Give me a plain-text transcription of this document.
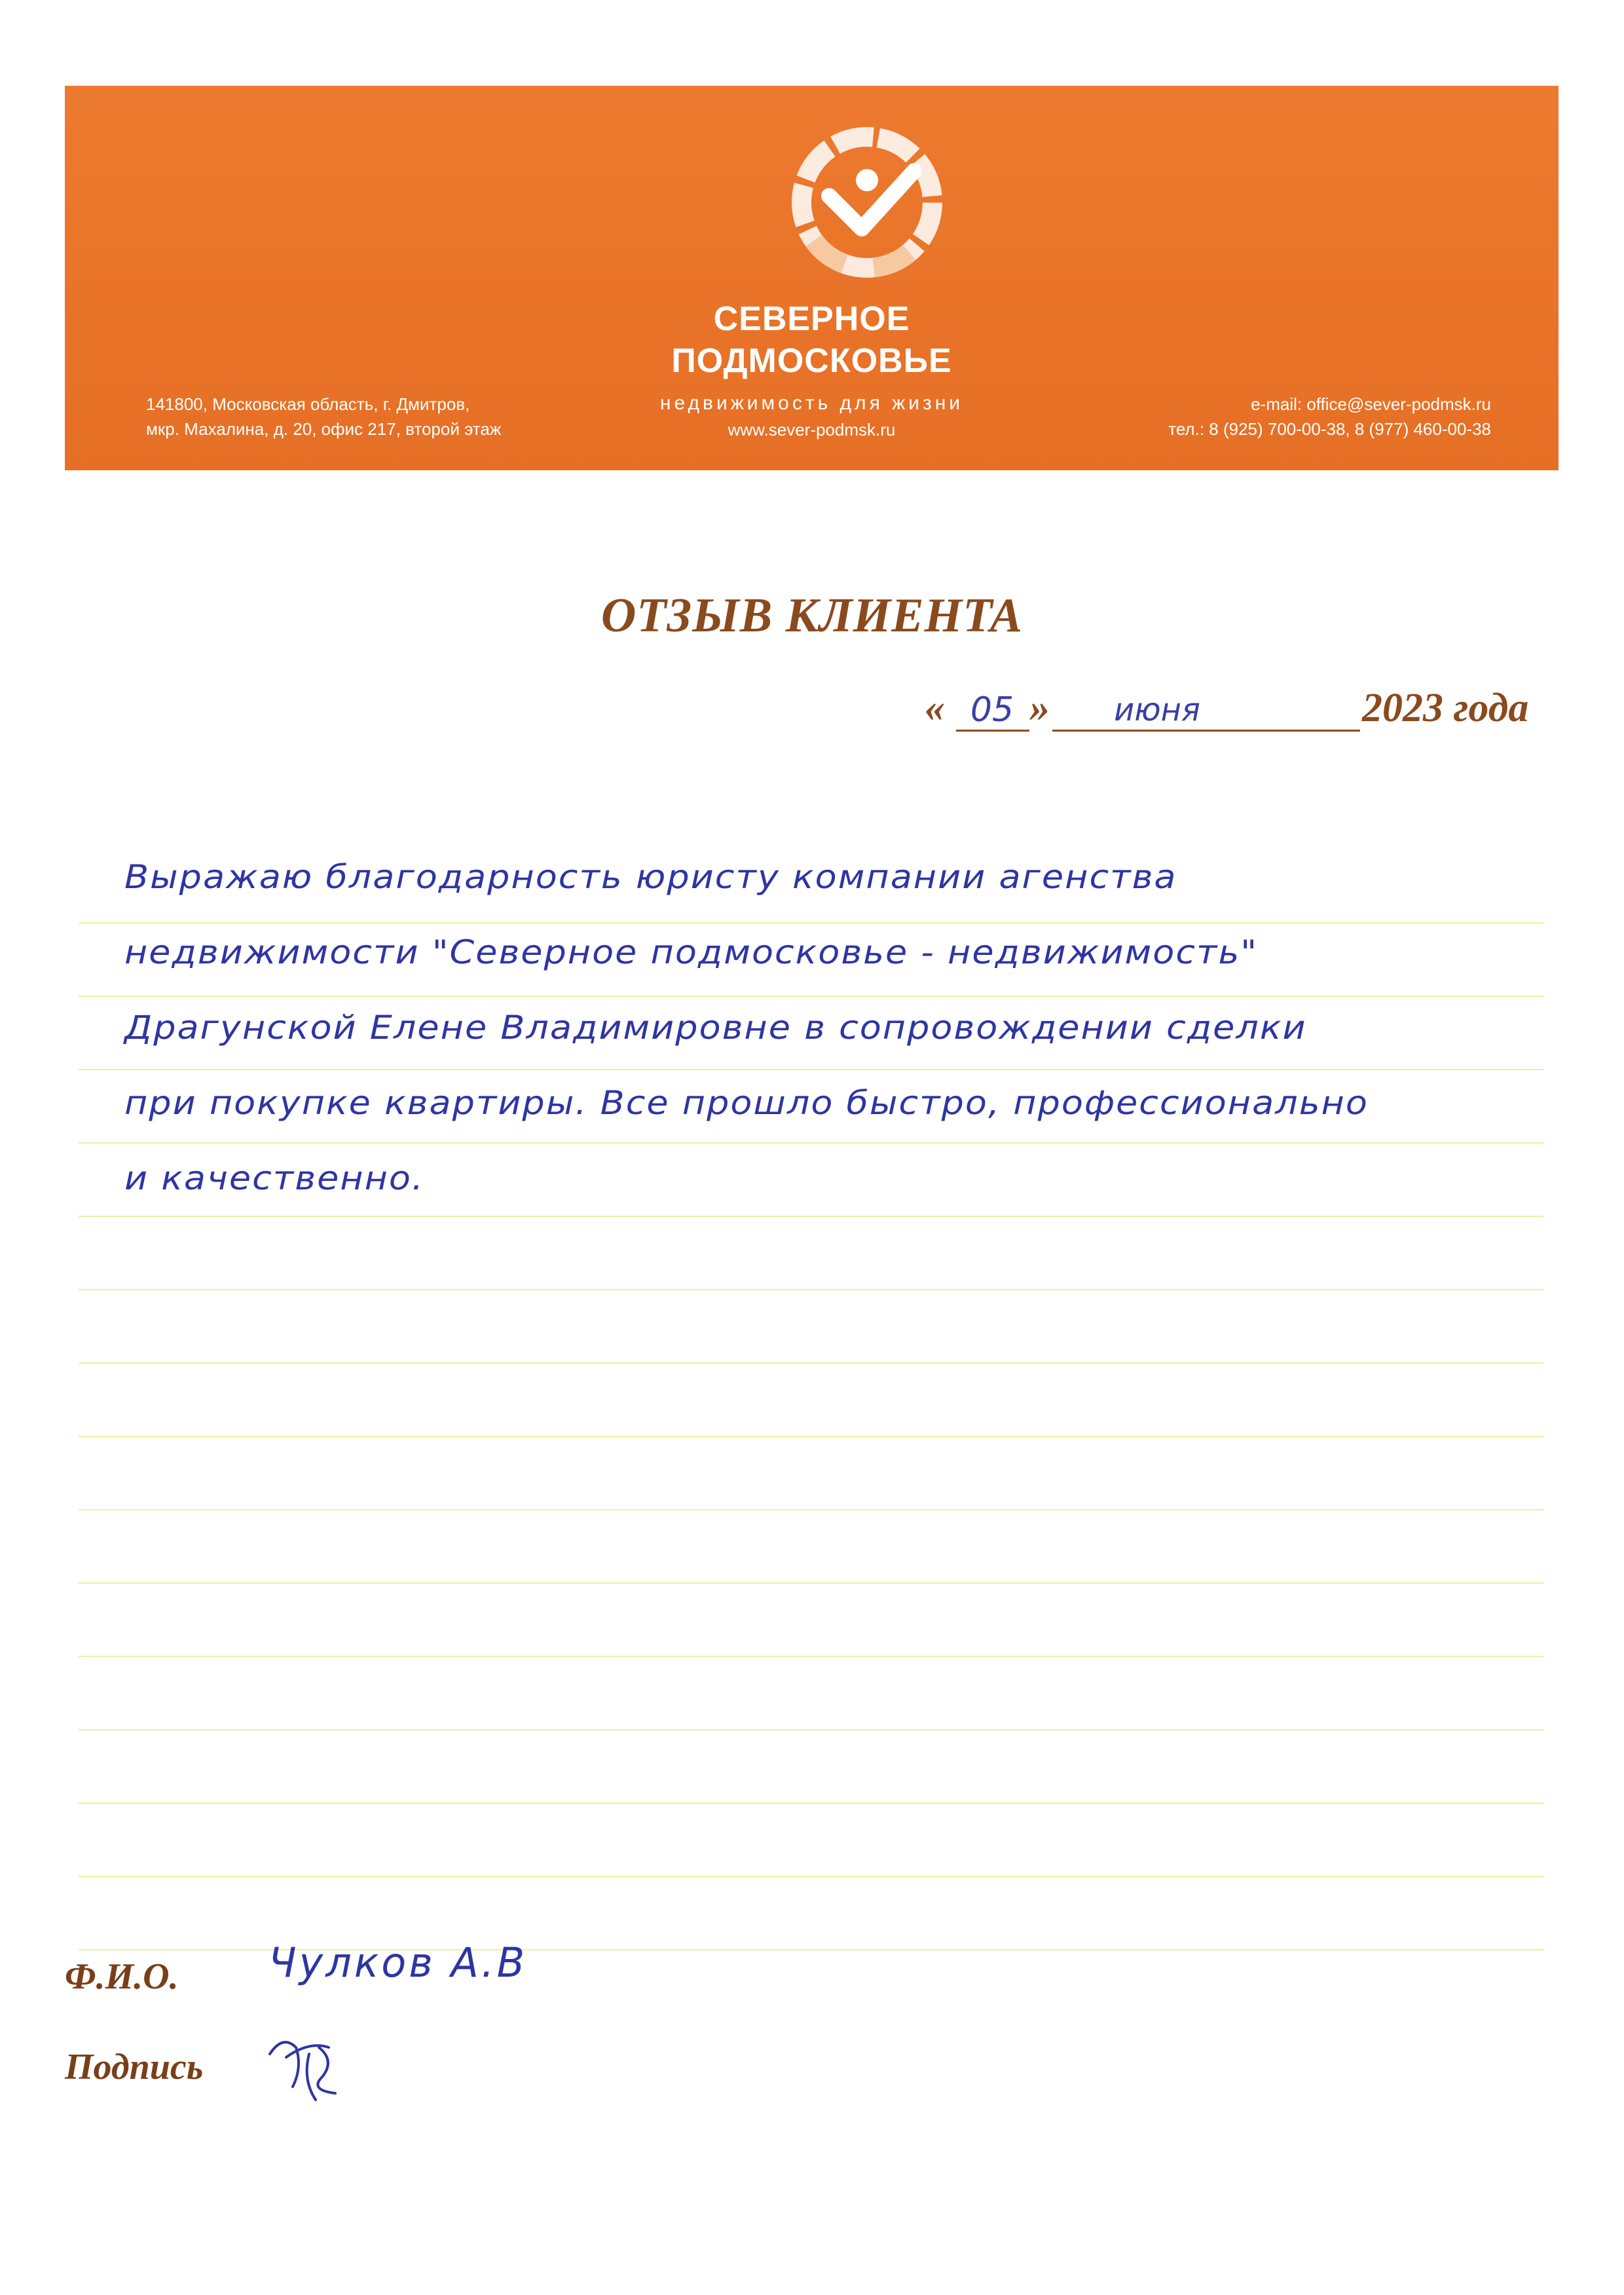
СЕВЕРНОЕ
ПОДМОСКОВЬЕ
недвижимость для жизни
www.sever-podmsk.ru
141800, Московская область, г. Дмитров,
мкр. Махалина, д. 20, офис 217, второй этаж
e-mail: office@sever-podmsk.ru
тел.: 8 (925) 700-00-38, 8 (977) 460-00-38
ОТЗЫВ КЛИЕНТА
« 05 »	июня	2023 года
Выражаю благодарность юристу компании агенства
недвижимости "Северное подмосковье - недвижимость"
Драгунской Елене Владимировне в сопровождении сделки
при покупке квартиры. Все прошло быстро, профессионально
и качественно.
Ф.И.О. Чулков А.В
Подпись
